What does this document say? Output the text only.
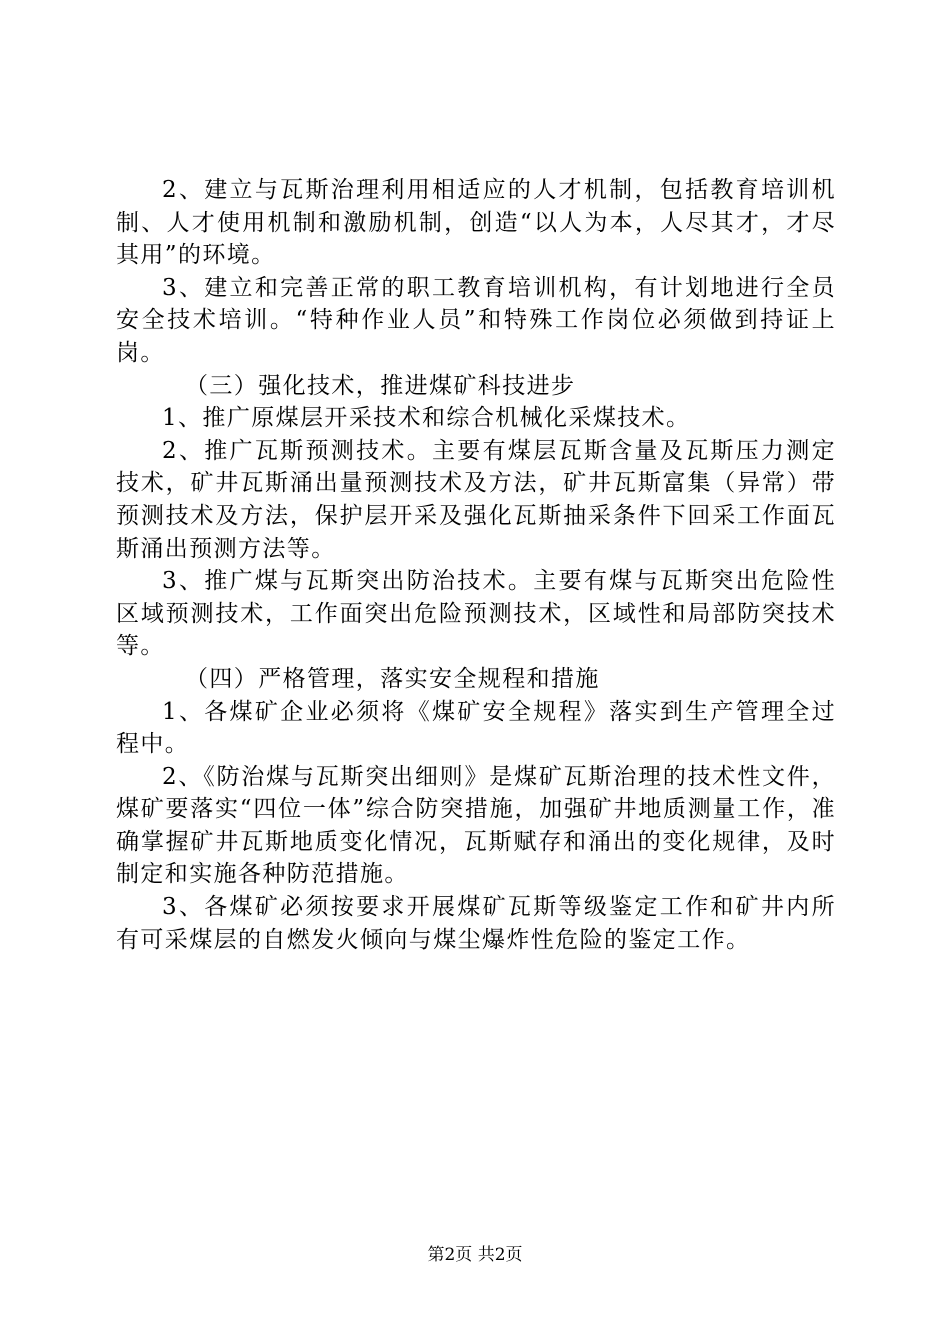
2、建立与瓦斯治理利用相适应的人才机制，包括教育培训机制、人才使用机制和激励机制，创造“以人为本，人尽其才，才尽其用”的环境。

3、建立和完善正常的职工教育培训机构，有计划地进行全员安全技术培训。“特种作业人员”和特殊工作岗位必须做到持证上岗。

（三）强化技术，推进煤矿科技进步

1、推广原煤层开采技术和综合机械化采煤技术。

2、推广瓦斯预测技术。主要有煤层瓦斯含量及瓦斯压力测定技术，矿井瓦斯涌出量预测技术及方法，矿井瓦斯富集（异常）带预测技术及方法，保护层开采及强化瓦斯抽采条件下回采工作面瓦斯涌出预测方法等。

3、推广煤与瓦斯突出防治技术。主要有煤与瓦斯突出危险性区域预测技术，工作面突出危险预测技术，区域性和局部防突技术等。

（四）严格管理，落实安全规程和措施

1、各煤矿企业必须将《煤矿安全规程》落实到生产管理全过程中。

2、《防治煤与瓦斯突出细则》是煤矿瓦斯治理的技术性文件，煤矿要落实“四位一体”综合防突措施，加强矿井地质测量工作，准确掌握矿井瓦斯地质变化情况，瓦斯赋存和涌出的变化规律，及时制定和实施各种防范措施。

3、各煤矿必须按要求开展煤矿瓦斯等级鉴定工作和矿井内所有可采煤层的自燃发火倾向与煤尘爆炸性危险的鉴定工作。

第2页 共2页
